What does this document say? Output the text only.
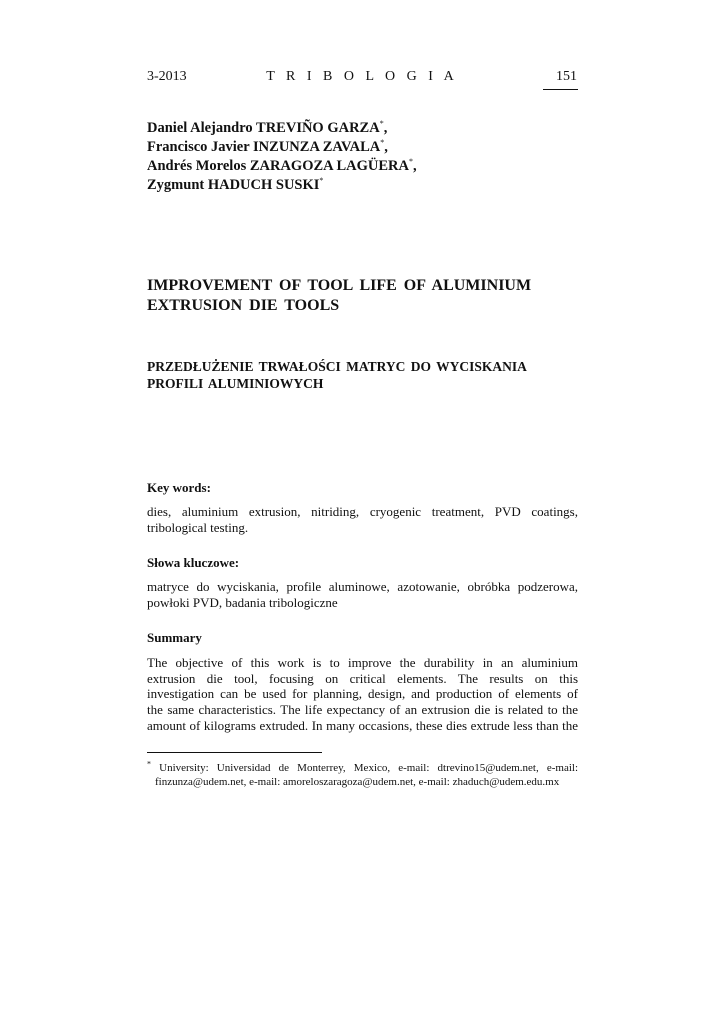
3-2013	T R I B O L O G I A	151
Daniel Alejandro TREVIÑO GARZA*,
Francisco Javier INZUNZA ZAVALA*,
Andrés Morelos ZARAGOZA LAGÜERA*,
Zygmunt HADUCH SUSKI*
IMPROVEMENT OF TOOL LIFE OF ALUMINIUM
EXTRUSION DIE TOOLS
PRZEDŁUŻENIE TRWAŁOŚCI MATRYC DO WYCISKANIA
PROFILI ALUMINIOWYCH
Key words:
dies, aluminium extrusion, nitriding, cryogenic treatment, PVD coatings,
tribological testing.
Słowa kluczowe:
matryce do wyciskania, profile aluminowe, azotowanie, obróbka podzerowa,
powłoki PVD, badania tribologiczne
Summary
The objective of this work is to improve the durability in an aluminium
extrusion die tool, focusing on critical elements. The results on this
investigation can be used for planning, design, and production of elements of
the same characteristics. The life expectancy of an extrusion die is related to the
amount of kilograms extruded. In many occasions, these dies extrude less than the
* University: Universidad de Monterrey, Mexico, e-mail: dtrevino15@udem.net, e-mail:
finzunza@udem.net, e-mail: amoreloszaragoza@udem.net, e-mail: zhaduch@udem.edu.mx
